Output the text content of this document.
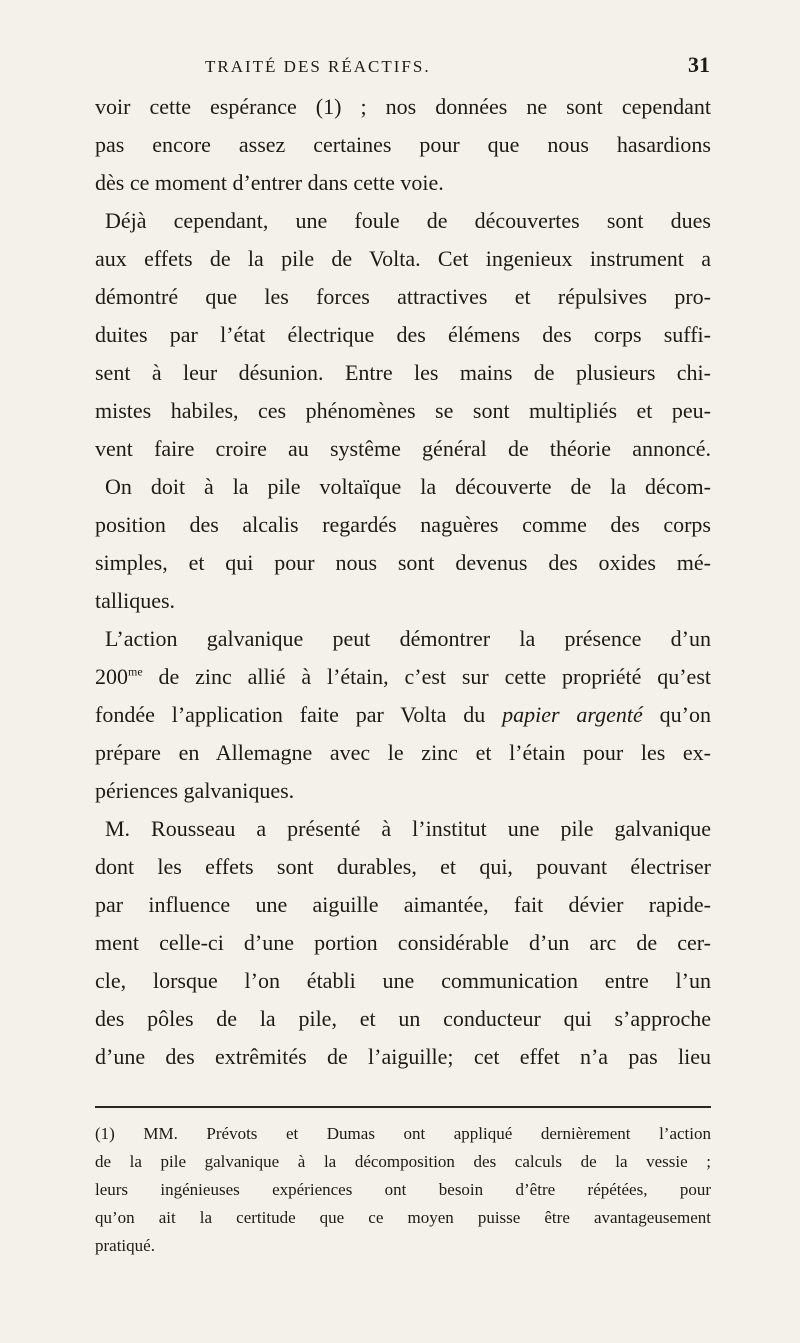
TRAITÉ DES RÉACTIFS.	31
voir cette espérance (1) ; nos données ne sont cependant
pas encore assez certaines pour que nous hasardions
dès ce moment d’entrer dans cette voie.
Déjà cependant, une foule de découvertes sont dues
aux effets de la pile de Volta. Cet ingenieux instrument a
démontré que les forces attractives et répulsives pro-
duites par l’état électrique des élémens des corps suffi-
sent à leur désunion. Entre les mains de plusieurs chi-
mistes habiles, ces phénomènes se sont multipliés et peu-
vent faire croire au systême général de théorie annoncé.
On doit à la pile voltaïque la découverte de la décom-
position des alcalis regardés naguères comme des corps
simples, et qui pour nous sont devenus des oxides mé-
talliques.
L’action galvanique peut démontrer la présence d’un
$200^{me}$ de zinc allié à l’étain, c’est sur cette propriété qu’est
fondée l’application faite par Volta du papier argenté qu’on
prépare en Allemagne avec le zinc et l’étain pour les ex-
périences galvaniques.
M. Rousseau a présenté à l’institut une pile galvanique
dont les effets sont durables, et qui, pouvant électriser
par influence une aiguille aimantée, fait dévier rapide-
ment celle-ci d’une portion considérable d’un arc de cer-
cle, lorsque l’on établi une communication entre l’un
des pôles de la pile, et un conducteur qui s’approche
d’une des extrêmités de l’aiguille; cet effet n’a pas lieu
(1) MM. Prévots et Dumas ont appliqué dernièrement l’action
de la pile galvanique à la décomposition des calculs de la vessie ;
leurs ingénieuses expériences ont besoin d’être répétées, pour
qu’on ait la certitude que ce moyen puisse être avantageusement
pratiqué.
